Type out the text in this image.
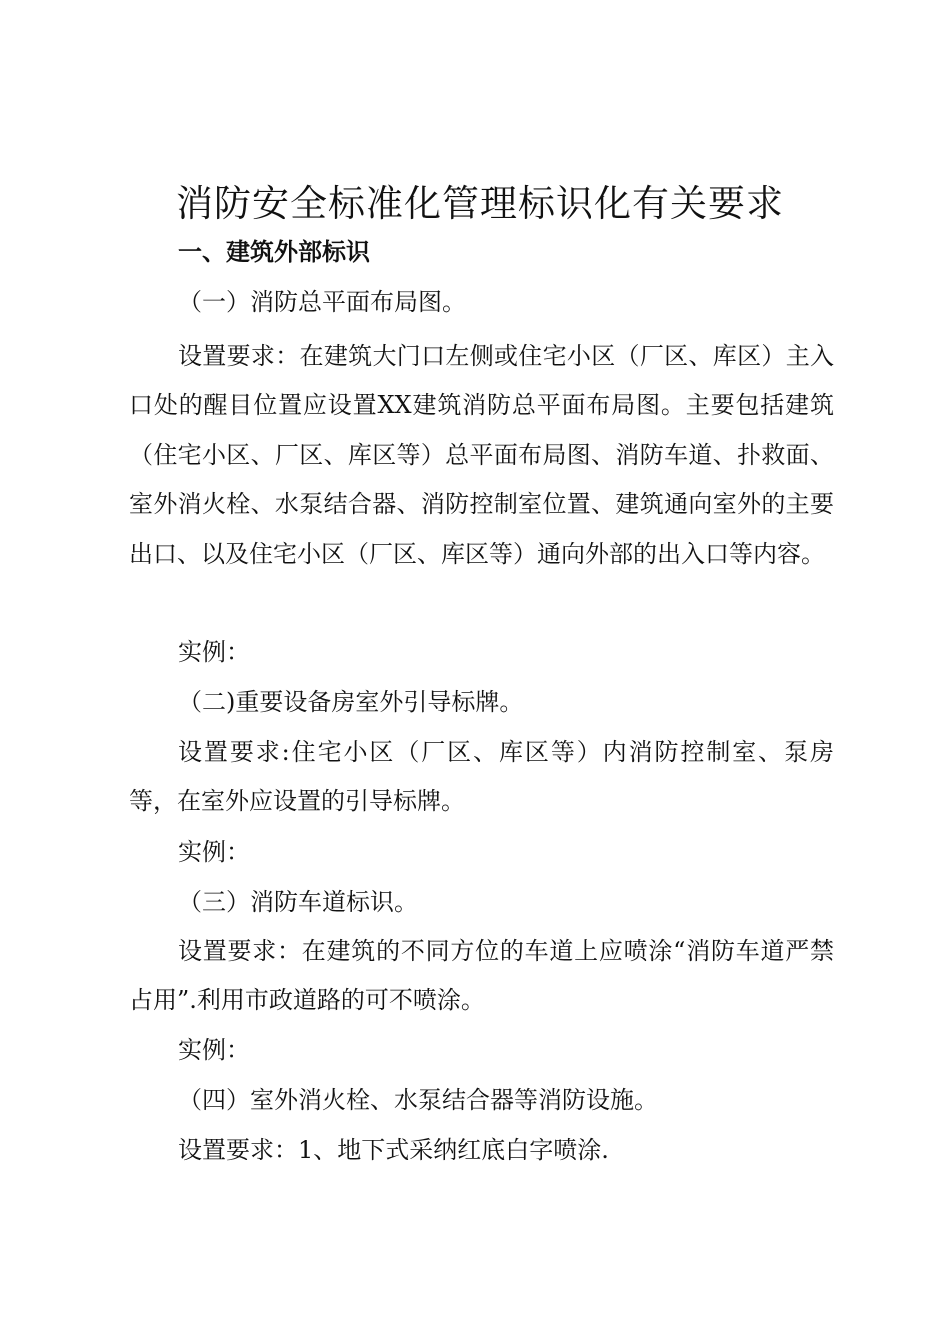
消防安全标准化管理标识化有关要求
一、建筑外部标识

（一）消防总平面布局图。

设置要求：在建筑大门口左侧或住宅小区（厂区、库区）主入口处的醒目位置应设置XX建筑消防总平面布局图。主要包括建筑（住宅小区、厂区、库区等）总平面布局图、消防车道、扑救面、室外消火栓、水泵结合器、消防控制室位置、建筑通向室外的主要出口、以及住宅小区（厂区、库区等）通向外部的出入口等内容。

实例：

（二)重要设备房室外引导标牌。

设置要求:住宅小区（厂区、库区等）内消防控制室、泵房等，在室外应设置的引导标牌。

实例：

（三）消防车道标识。

设置要求：在建筑的不同方位的车道上应喷涂“消防车道严禁占用”.利用市政道路的可不喷涂。

实例：

（四）室外消火栓、水泵结合器等消防设施。

设置要求：1、地下式采纳红底白字喷涂.
